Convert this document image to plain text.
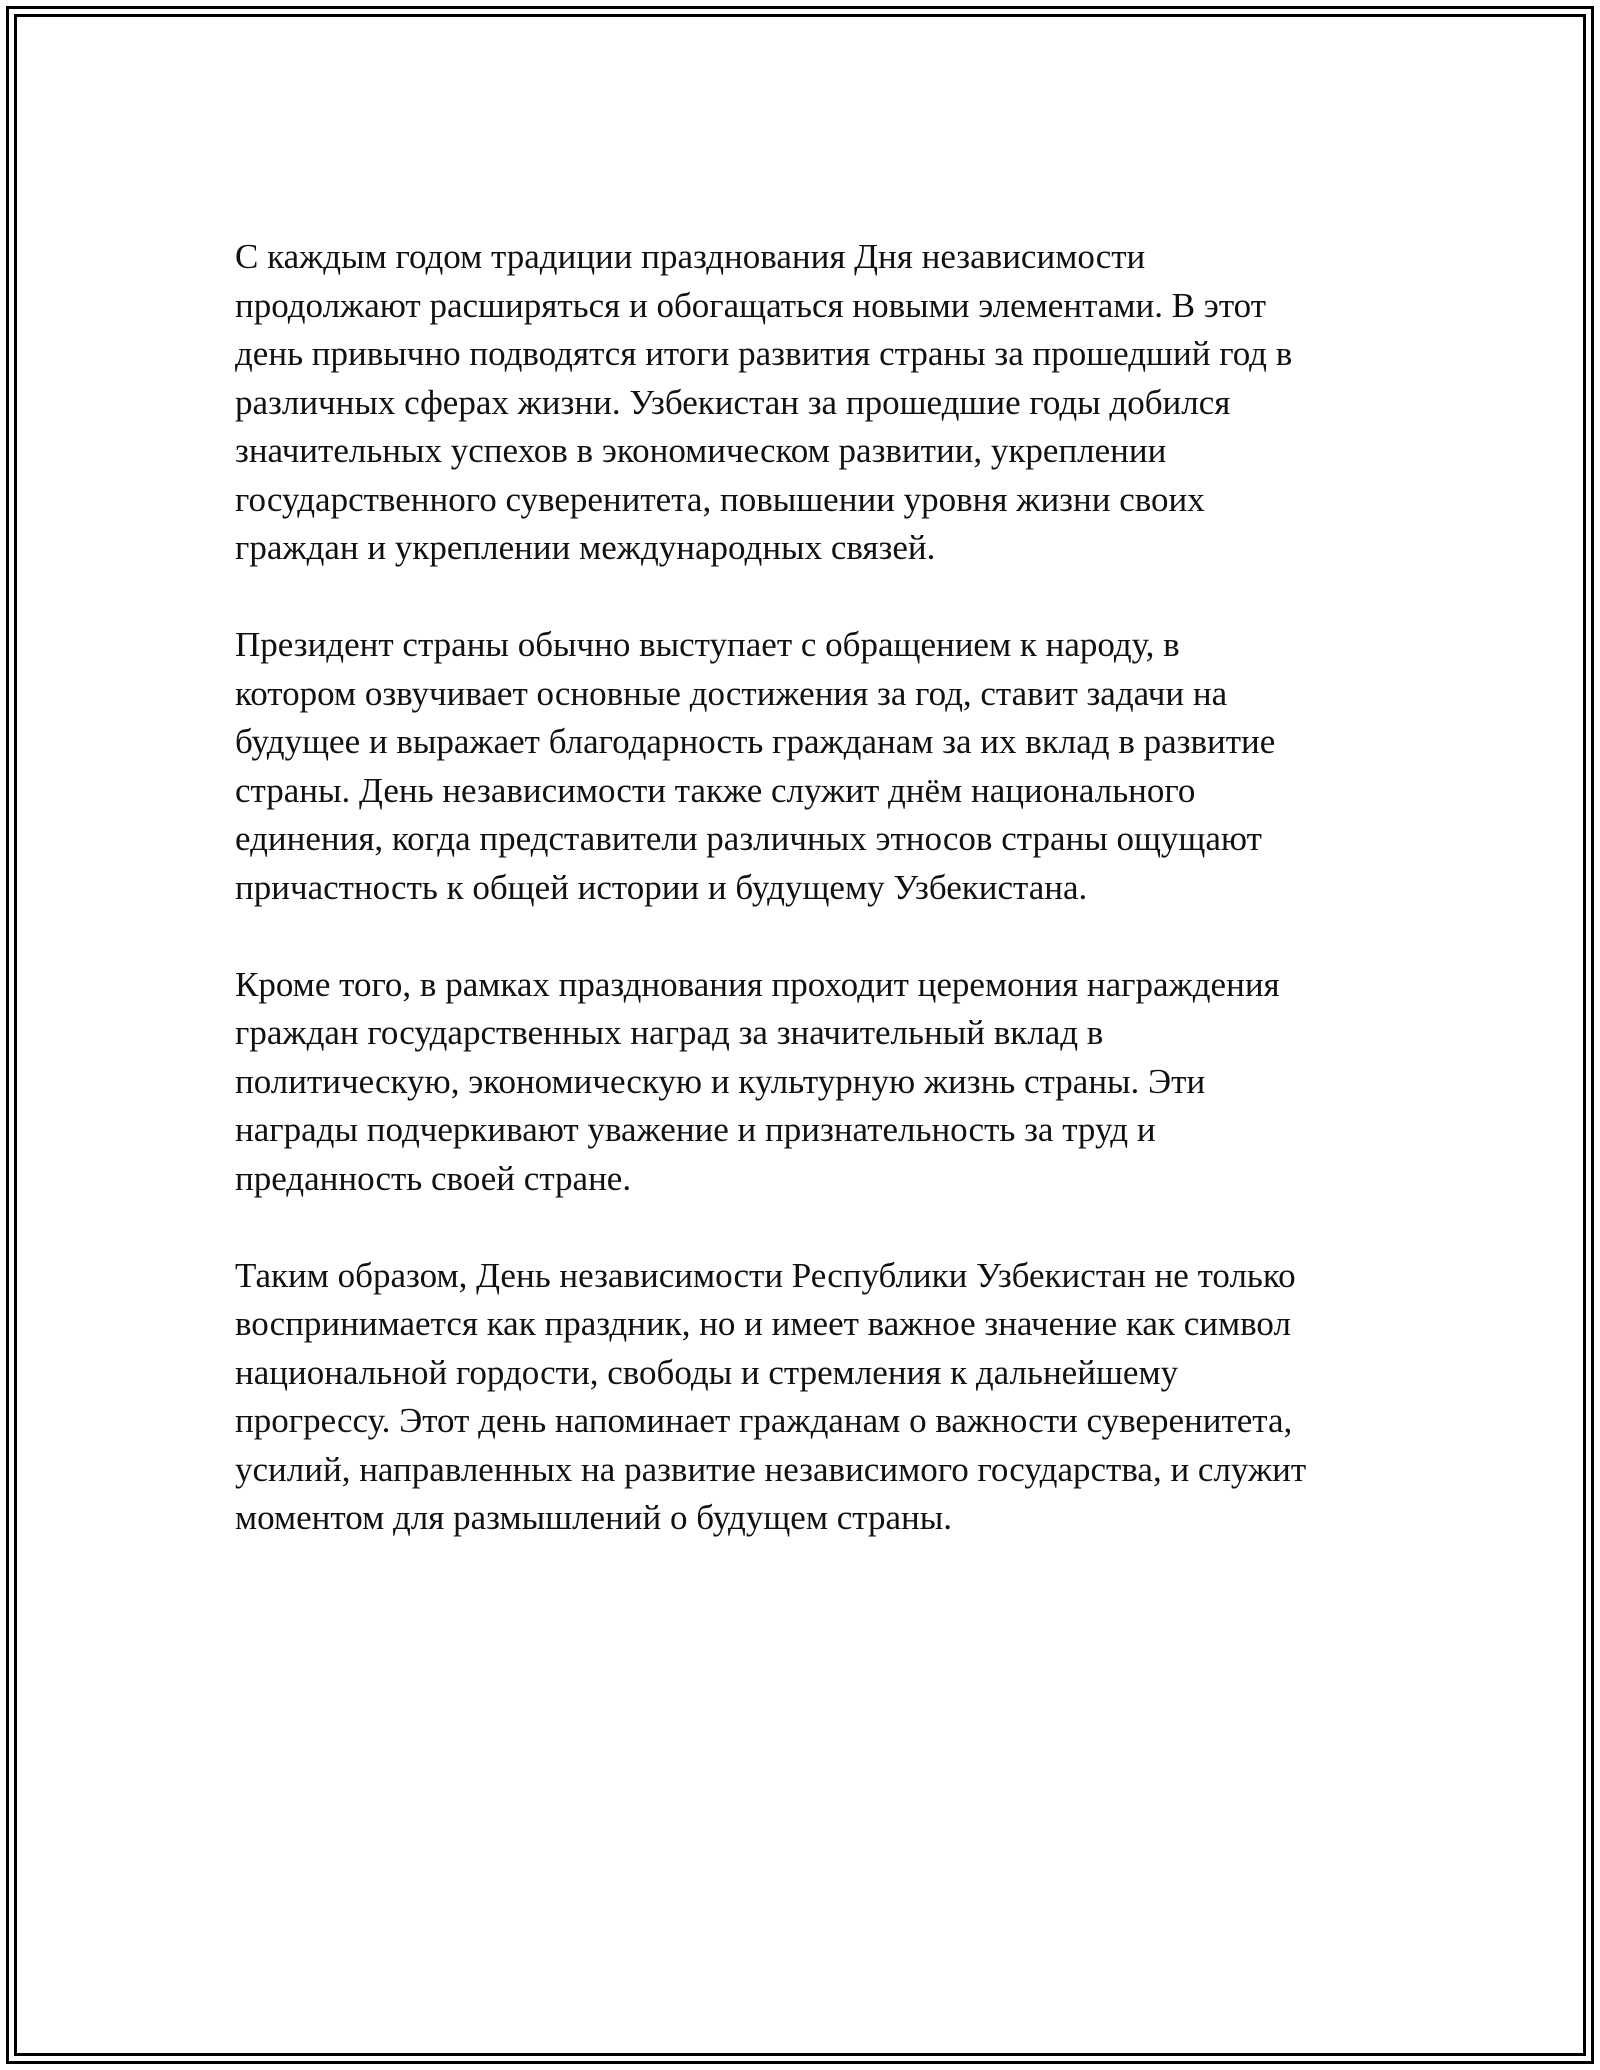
С каждым годом традиции празднования Дня независимости
продолжают расширяться и обогащаться новыми элементами. В этот
день привычно подводятся итоги развития страны за прошедший год в
различных сферах жизни. Узбекистан за прошедшие годы добился
значительных успехов в экономическом развитии, укреплении
государственного суверенитета, повышении уровня жизни своих
граждан и укреплении международных связей.

Президент страны обычно выступает с обращением к народу, в
котором озвучивает основные достижения за год, ставит задачи на
будущее и выражает благодарность гражданам за их вклад в развитие
страны. День независимости также служит днём национального
единения, когда представители различных этносов страны ощущают
причастность к общей истории и будущему Узбекистана.

Кроме того, в рамках празднования проходит церемония награждения
граждан государственных наград за значительный вклад в
политическую, экономическую и культурную жизнь страны. Эти
награды подчеркивают уважение и признательность за труд и
преданность своей стране.

Таким образом, День независимости Республики Узбекистан не только
воспринимается как праздник, но и имеет важное значение как символ
национальной гордости, свободы и стремления к дальнейшему
прогрессу. Этот день напоминает гражданам о важности суверенитета,
усилий, направленных на развитие независимого государства, и служит
моментом для размышлений о будущем страны.
